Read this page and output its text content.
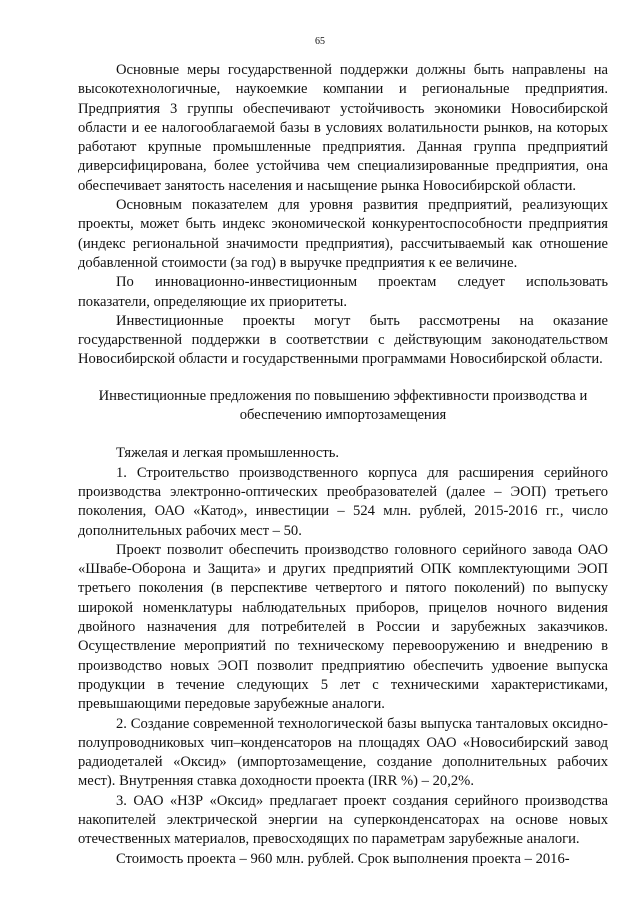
65

Основные меры государственной поддержки должны быть направлены на высокотехнологичные, наукоемкие компании и региональные предприятия. Предприятия 3 группы обеспечивают устойчивость экономики Новосибирской области и ее налогооблагаемой базы в условиях волатильности рынков, на которых работают крупные промышленные предприятия. Данная группа предприятий диверсифицирована, более устойчива чем специализированные предприятия, она обеспечивает занятость населения и насыщение рынка Новосибирской области.

Основным показателем для уровня развития предприятий, реализующих проекты, может быть индекс экономической конкурентоспособности предприятия (индекс региональной значимости предприятия), рассчитываемый как отношение добавленной стоимости (за год) в выручке предприятия к ее величине.

По инновационно-инвестиционным проектам следует использовать показатели, определяющие их приоритеты.

Инвестиционные проекты могут быть рассмотрены на оказание государственной поддержки в соответствии с действующим законодательством Новосибирской области и государственными программами Новосибирской области.

Инвестиционные предложения по повышению эффективности производства и обеспечению импортозамещения

Тяжелая и легкая промышленность.

1. Строительство производственного корпуса для расширения серийного производства электронно-оптических преобразователей (далее – ЭОП) третьего поколения, ОАО «Катод», инвестиции – 524 млн. рублей, 2015-2016 гг., число дополнительных рабочих мест – 50.

Проект позволит обеспечить производство головного серийного завода ОАО «Швабе-Оборона и Защита» и других предприятий ОПК комплектующими ЭОП третьего поколения (в перспективе четвертого и пятого поколений) по выпуску широкой номенклатуры наблюдательных приборов, прицелов ночного видения двойного назначения для потребителей в России и зарубежных заказчиков. Осуществление мероприятий по техническому перевооружению и внедрению в производство новых ЭОП позволит предприятию обеспечить удвоение выпуска продукции в течение следующих 5 лет с техническими характеристиками, превышающими передовые зарубежные аналоги.

2. Создание современной технологической базы выпуска танталовых оксидно-полупроводниковых чип–конденсаторов на площадях ОАО «Новосибирский завод радиодеталей «Оксид» (импортозамещение, создание дополнительных рабочих мест). Внутренняя ставка доходности проекта (IRR %) – 20,2%.

3. ОАО «НЗР «Оксид» предлагает проект создания серийного производства накопителей электрической энергии на суперконденсаторах на основе новых отечественных материалов, превосходящих по параметрам зарубежные аналоги.

Стоимость проекта – 960 млн. рублей. Срок выполнения проекта – 2016-
